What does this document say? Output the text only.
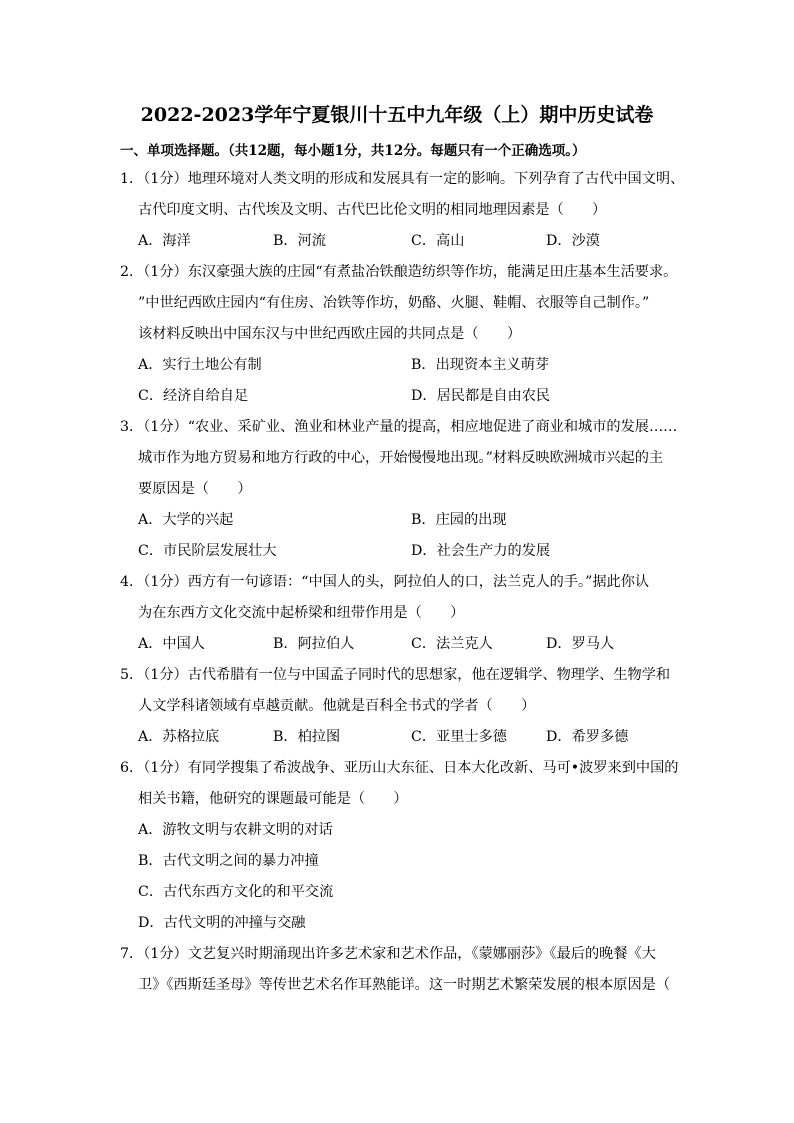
2022-2023学年宁夏银川十五中九年级（上）期中历史试卷
一、单项选择题。（共12题，每小题1分，共12分。每题只有一个正确选项。）
1．（1分）地理环境对人类文明的形成和发展具有一定的影响。下列孕育了古代中国文明、
古代印度文明、古代埃及文明、古代巴比伦文明的相同地理因素是（　　）
A．海洋	B．河流	C．高山	D．沙漠
2．（1分）东汉豪强大族的庄园“有煮盐冶铁酿造纺织等作坊，能满足田庄基本生活要求。
”中世纪西欧庄园内“有住房、冶铁等作坊，奶酪、火腿、鞋帽、衣服等自己制作。”
该材料反映出中国东汉与中世纪西欧庄园的共同点是（　　）
A．实行土地公有制	B．出现资本主义萌芽
C．经济自给自足	D．居民都是自由农民
3．（1分）“农业、采矿业、渔业和林业产量的提高，相应地促进了商业和城市的发展……
城市作为地方贸易和地方行政的中心，开始慢慢地出现。”材料反映欧洲城市兴起的主
要原因是（　　）
A．大学的兴起	B．庄园的出现
C．市民阶层发展壮大	D．社会生产力的发展
4．（1分）西方有一句谚语：“中国人的头，阿拉伯人的口，法兰克人的手。”据此你认
为在东西方文化交流中起桥梁和纽带作用是（　　）
A．中国人	B．阿拉伯人	C．法兰克人	D．罗马人
5．（1分）古代希腊有一位与中国孟子同时代的思想家，他在逻辑学、物理学、生物学和
人文学科诸领域有卓越贡献。他就是百科全书式的学者（　　）
A．苏格拉底	B．柏拉图	C．亚里士多德	D．希罗多德
6．（1分）有同学搜集了希波战争、亚历山大东征、日本大化改新、马可•波罗来到中国的
相关书籍，他研究的课题最可能是（　　）
A．游牧文明与农耕文明的对话
B．古代文明之间的暴力冲撞
C．古代东西方文化的和平交流
D．古代文明的冲撞与交融
7．（1分）文艺复兴时期涌现出许多艺术家和艺术作品，《蒙娜丽莎》《最后的晚餐《大
卫》《西斯廷圣母》等传世艺术名作耳熟能详。这一时期艺术繁荣发展的根本原因是（
